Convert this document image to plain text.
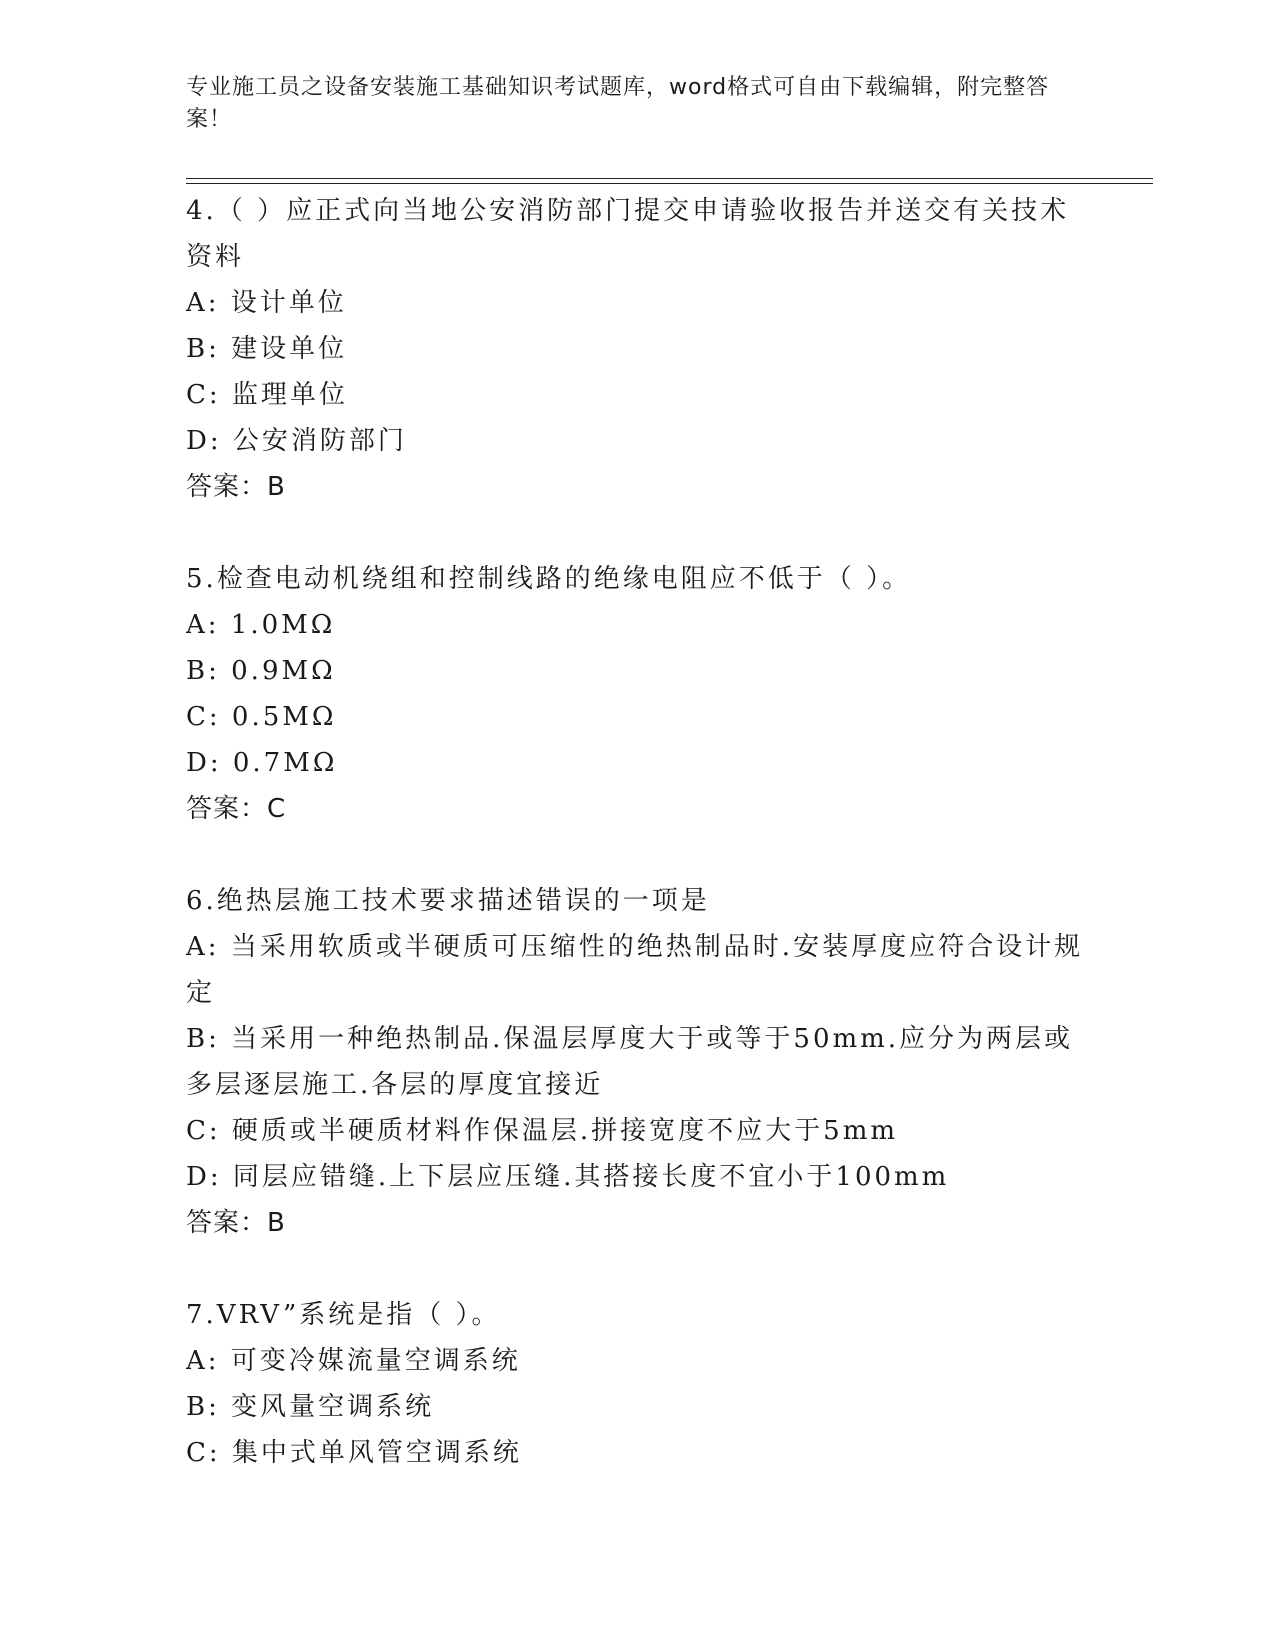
专业施工员之设备安装施工基础知识考试题库，word格式可自由下载编辑，附完整答案！
4.（ ）应正式向当地公安消防部门提交申请验收报告并送交有关技术资料
A: 设计单位
B: 建设单位
C: 监理单位
D: 公安消防部门
答案：B
5.检查电动机绕组和控制线路的绝缘电阻应不低于（ ）。
A: 1.0MΩ
B: 0.9MΩ
C: 0.5MΩ
D: 0.7MΩ
答案：C
6.绝热层施工技术要求描述错误的一项是
A: 当采用软质或半硬质可压缩性的绝热制品时.安装厚度应符合设计规定
B: 当采用一种绝热制品.保温层厚度大于或等于50mm.应分为两层或多层逐层施工.各层的厚度宜接近
C: 硬质或半硬质材料作保温层.拼接宽度不应大于5mm
D: 同层应错缝.上下层应压缝.其搭接长度不宜小于100mm
答案：B
7.VRV”系统是指（ ）。
A: 可变冷媒流量空调系统
B: 变风量空调系统
C: 集中式单风管空调系统
